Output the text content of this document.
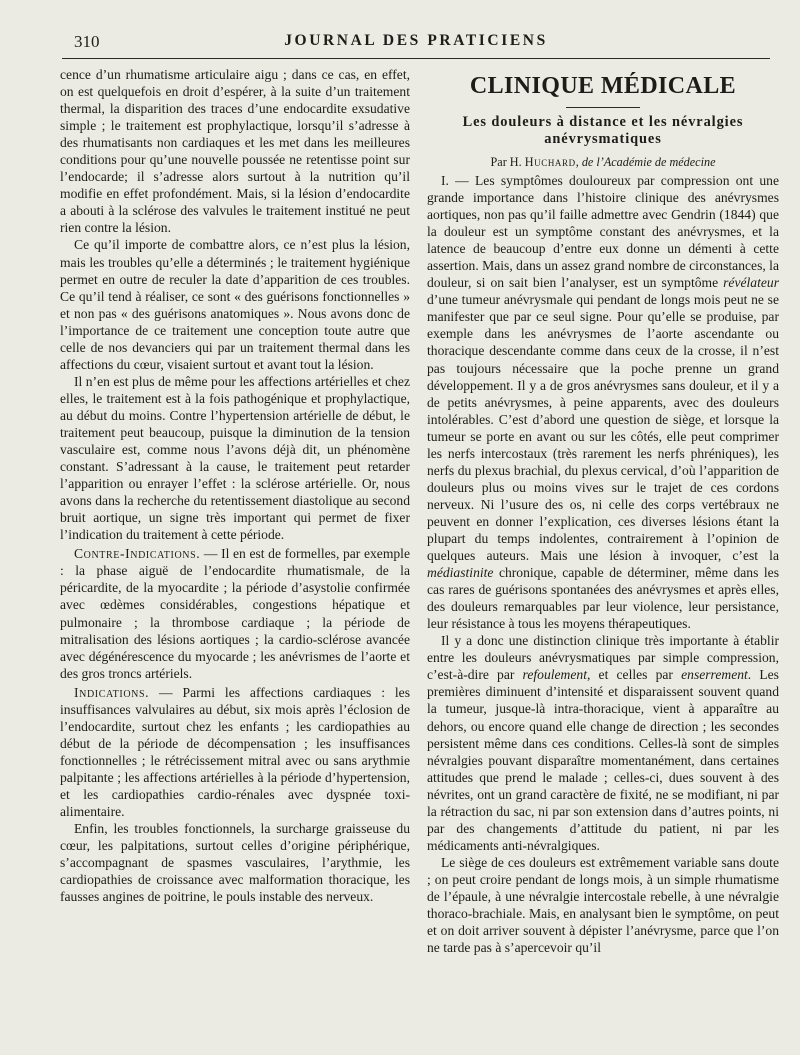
310	JOURNAL DES PRATICIENS

cence d’un rhumatisme articulaire aigu ; dans ce cas, en effet, on est quelquefois en droit d’espérer, à la suite d’un traitement thermal, la disparition des traces d’une endocardite exsudative simple ; le traitement est prophylactique, lorsqu’il s’adresse à des rhumatisants non cardiaques et les met dans les meilleures conditions pour qu’une nouvelle poussée ne retentisse point sur l’endocarde; il s’adresse alors surtout à la nutrition qu’il modifie en effet profondément. Mais, si la lésion d’endocardite a abouti à la sclérose des valvules le traitement institué ne peut rien contre la lésion.

Ce qu’il importe de combattre alors, ce n’est plus la lésion, mais les troubles qu’elle a déterminés ; le traitement hygiénique permet en outre de reculer la date d’apparition de ces troubles. Ce qu’il tend à réaliser, ce sont « des guérisons fonctionnelles » et non pas « des guérisons anatomiques ». Nous avons donc de l’importance de ce traitement une conception toute autre que celle de nos devanciers qui par un traitement thermal dans les affections du cœur, visaient surtout et avant tout la lésion.

Il n’en est plus de même pour les affections artérielles et chez elles, le traitement est à la fois pathogénique et prophylactique, au début du moins. Contre l’hypertension artérielle de début, le traitement peut beaucoup, puisque la diminution de la tension vasculaire est, comme nous l’avons déjà dit, un phénomène constant. S’adressant à la cause, le traitement peut retarder l’apparition ou enrayer l’effet : la sclérose artérielle. Or, nous avons dans la recherche du retentissement diastolique au second bruit aortique, un signe très important qui permet de fixer l’indication du traitement à cette période.

Contre-Indications. — Il en est de formelles, par exemple : la phase aiguë de l’endocardite rhumatismale, de la péricardite, de la myocardite ; la période d’asystolie confirmée avec œdèmes considérables, congestions hépatique et pulmonaire ; la thrombose cardiaque ; la période de mitralisation des lésions aortiques ; la cardio-sclérose avancée avec dégénérescence du myocarde ; les anévrismes de l’aorte et des gros troncs artériels.

Indications. — Parmi les affections cardiaques : les insuffisances valvulaires au début, six mois après l’éclosion de l’endocardite, surtout chez les enfants ; les cardiopathies au début de la période de décompensation ; les insuffisances fonctionnelles ; le rétrécissement mitral avec ou sans arythmie palpitante ; les affections artérielles à la période d’hypertension, et les cardiopathies cardio-rénales avec dyspnée toxi-alimentaire.

Enfin, les troubles fonctionnels, la surcharge graisseuse du cœur, les palpitations, surtout celles d’origine périphérique, s’accompagnant de spasmes vasculaires, l’arythmie, les cardiopathies de croissance avec malformation thoracique, les fausses angines de poitrine, le pouls instable des nerveux.

CLINIQUE MÉDICALE
Les douleurs à distance et les névralgies anévrysmatiques
Par H. Huchard, de l’Académie de médecine

I. — Les symptômes douloureux par compression ont une grande importance dans l’histoire clinique des anévrysmes aortiques, non pas qu’il faille admettre avec Gendrin (1844) que la douleur est un symptôme constant des anévrysmes, et la latence de beaucoup d’entre eux donne un démenti à cette assertion. Mais, dans un assez grand nombre de circonstances, la douleur, si on sait bien l’analyser, est un symptôme révélateur d’une tumeur anévrysmale qui pendant de longs mois peut ne se manifester que par ce seul signe. Pour qu’elle se produise, par exemple dans les anévrysmes de l’aorte ascendante ou thoracique descendante comme dans ceux de la crosse, il n’est pas toujours nécessaire que la poche prenne un grand développement. Il y a de gros anévrysmes sans douleur, et il y a de petits anévrysmes, à peine apparents, avec des douleurs intolérables. C’est d’abord une question de siège, et lorsque la tumeur se porte en avant ou sur les côtés, elle peut comprimer les nerfs intercostaux (très rarement les nerfs phréniques), les nerfs du plexus brachial, du plexus cervical, d’où l’apparition de douleurs plus ou moins vives sur le trajet de ces cordons nerveux. Ni l’usure des os, ni celle des corps vertébraux ne peuvent en donner l’explication, ces diverses lésions étant la plupart du temps indolentes, contrairement à l’opinion de quelques auteurs. Mais une lésion à invoquer, c’est la médiastinite chronique, capable de déterminer, même dans les cas rares de guérisons spontanées des anévrysmes et après elles, des douleurs remarquables par leur violence, leur persistance, leur résistance à tous les moyens thérapeutiques.

Il y a donc une distinction clinique très importante à établir entre les douleurs anévrysmatiques par simple compression, c’est-à-dire par refoulement, et celles par enserrement. Les premières diminuent d’intensité et disparaissent souvent quand la tumeur, jusque-là intra-thoracique, vient à apparaître au dehors, ou encore quand elle change de direction ; les secondes persistent même dans ces conditions. Celles-là sont de simples névralgies pouvant disparaître momentanément, dans certaines attitudes que prend le malade ; celles-ci, dues souvent à des névrites, ont un grand caractère de fixité, ne se modifiant, ni par la rétraction du sac, ni par son extension dans d’autres points, ni par des changements d’attitude du patient, ni par les médicaments anti-névralgiques.

Le siège de ces douleurs est extrêmement variable sans doute ; on peut croire pendant de longs mois, à un simple rhumatisme de l’épaule, à une névralgie intercostale rebelle, à une névralgie thoraco-brachiale. Mais, en analysant bien le symptôme, on peut et on doit arriver souvent à dépister l’anévrysme, parce que l’on ne tarde pas à s’apercevoir qu’il
